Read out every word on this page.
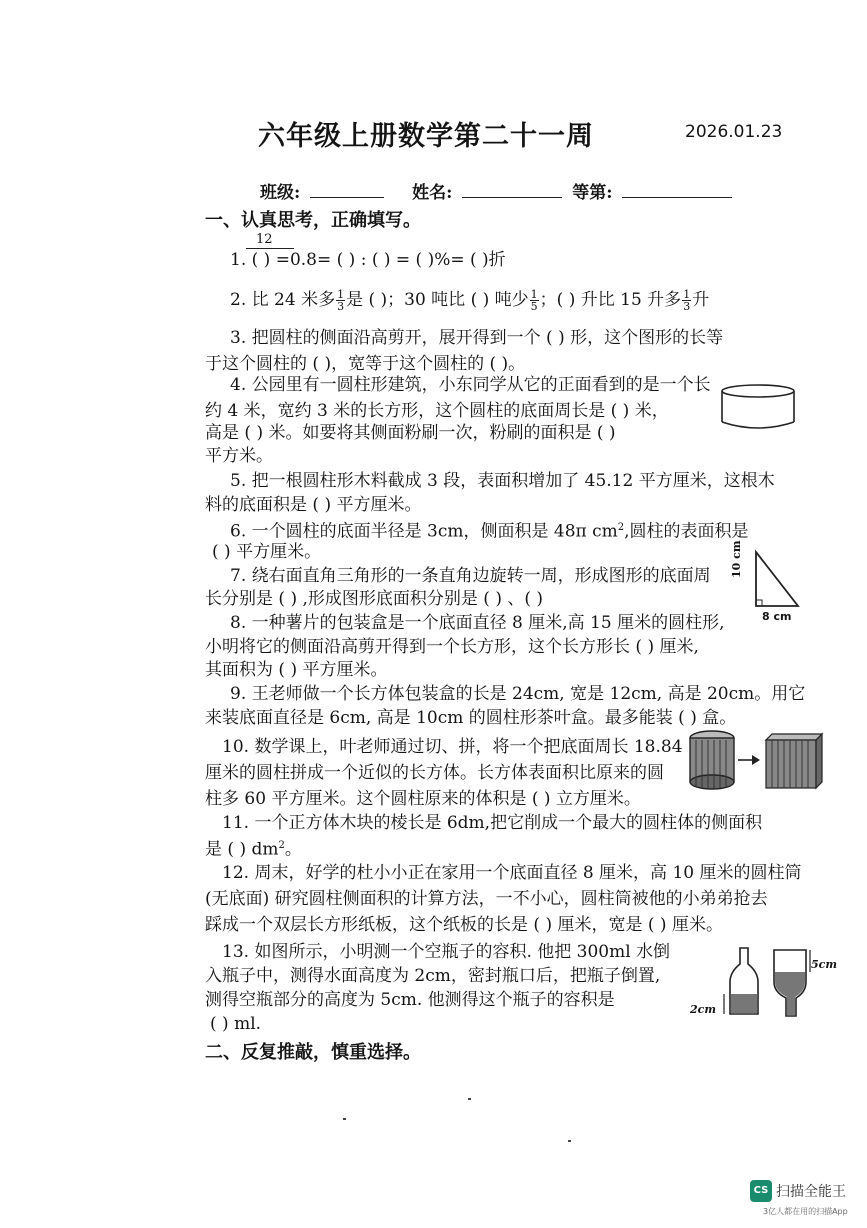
六年级上册数学第二十一周	2026.01.23
班级:	姓名:	等第:
一、认真思考，正确填写。
12
1. ( ) =0.8= ( ) : ( ) = ( )%= ( )折
2. 比 24 米多 $\frac{1}{3}$ 是 ( )；30 吨比 ( ) 吨少 $\frac{1}{5}$ ；( ) 升比 15 升多 $\frac{1}{3}$ 升
3. 把圆柱的侧面沿高剪开，展开得到一个 ( ) 形，这个图形的长等
于这个圆柱的 ( )，宽等于这个圆柱的 ( )。
4. 公园里有一圆柱形建筑，小东同学从它的正面看到的是一个长
约 4 米，宽约 3 米的长方形，这个圆柱的底面周长是 ( ) 米，
高是 ( ) 米。如要将其侧面粉刷一次，粉刷的面积是 ( )
平方米。
5. 把一根圆柱形木料截成 3 段，表面积增加了 45.12 平方厘米，这根木
料的底面积是 ( ) 平方厘米。
6. 一个圆柱的底面半径是 3cm，侧面积是 48π $cm^2$,圆柱的表面积是
( ) 平方厘米。
7. 绕右面直角三角形的一条直角边旋转一周，形成图形的底面周
长分别是 ( ) ,形成图形底面积分别是 ( ) 、( )
10 cm
8 cm
8. 一种薯片的包装盒是一个底面直径 8 厘米,高 15 厘米的圆柱形,
小明将它的侧面沿高剪开得到一个长方形，这个长方形长 ( ) 厘米,
其面积为 ( ) 平方厘米。
9. 王老师做一个长方体包装盒的长是 24cm, 宽是 12cm, 高是 20cm。用它
来装底面直径是 6cm, 高是 10cm 的圆柱形茶叶盒。最多能装 ( ) 盒。
10. 数学课上，叶老师通过切、拼，将一个把底面周长 18.84
厘米的圆柱拼成一个近似的长方体。长方体表面积比原来的圆
柱多 60 平方厘米。这个圆柱原来的体积是 ( ) 立方厘米。
11. 一个正方体木块的棱长是 6dm,把它削成一个最大的圆柱体的侧面积
是 ( ) $dm^2$。
12. 周末，好学的杜小小正在家用一个底面直径 8 厘米，高 10 厘米的圆柱筒
(无底面) 研究圆柱侧面积的计算方法，一不小心，圆柱筒被他的小弟弟抢去
踩成一个双层长方形纸板，这个纸板的长是 ( ) 厘米，宽是 ( ) 厘米。
13. 如图所示，小明测一个空瓶子的容积. 他把 300ml 水倒
入瓶子中，测得水面高度为 2cm，密封瓶口后，把瓶子倒置,
测得空瓶部分的高度为 5cm. 他测得这个瓶子的容积是
( ) ml.
2cm
5cm
二、反复推敲，慎重选择。
CS 扫描全能王
3亿人都在用的扫描App
